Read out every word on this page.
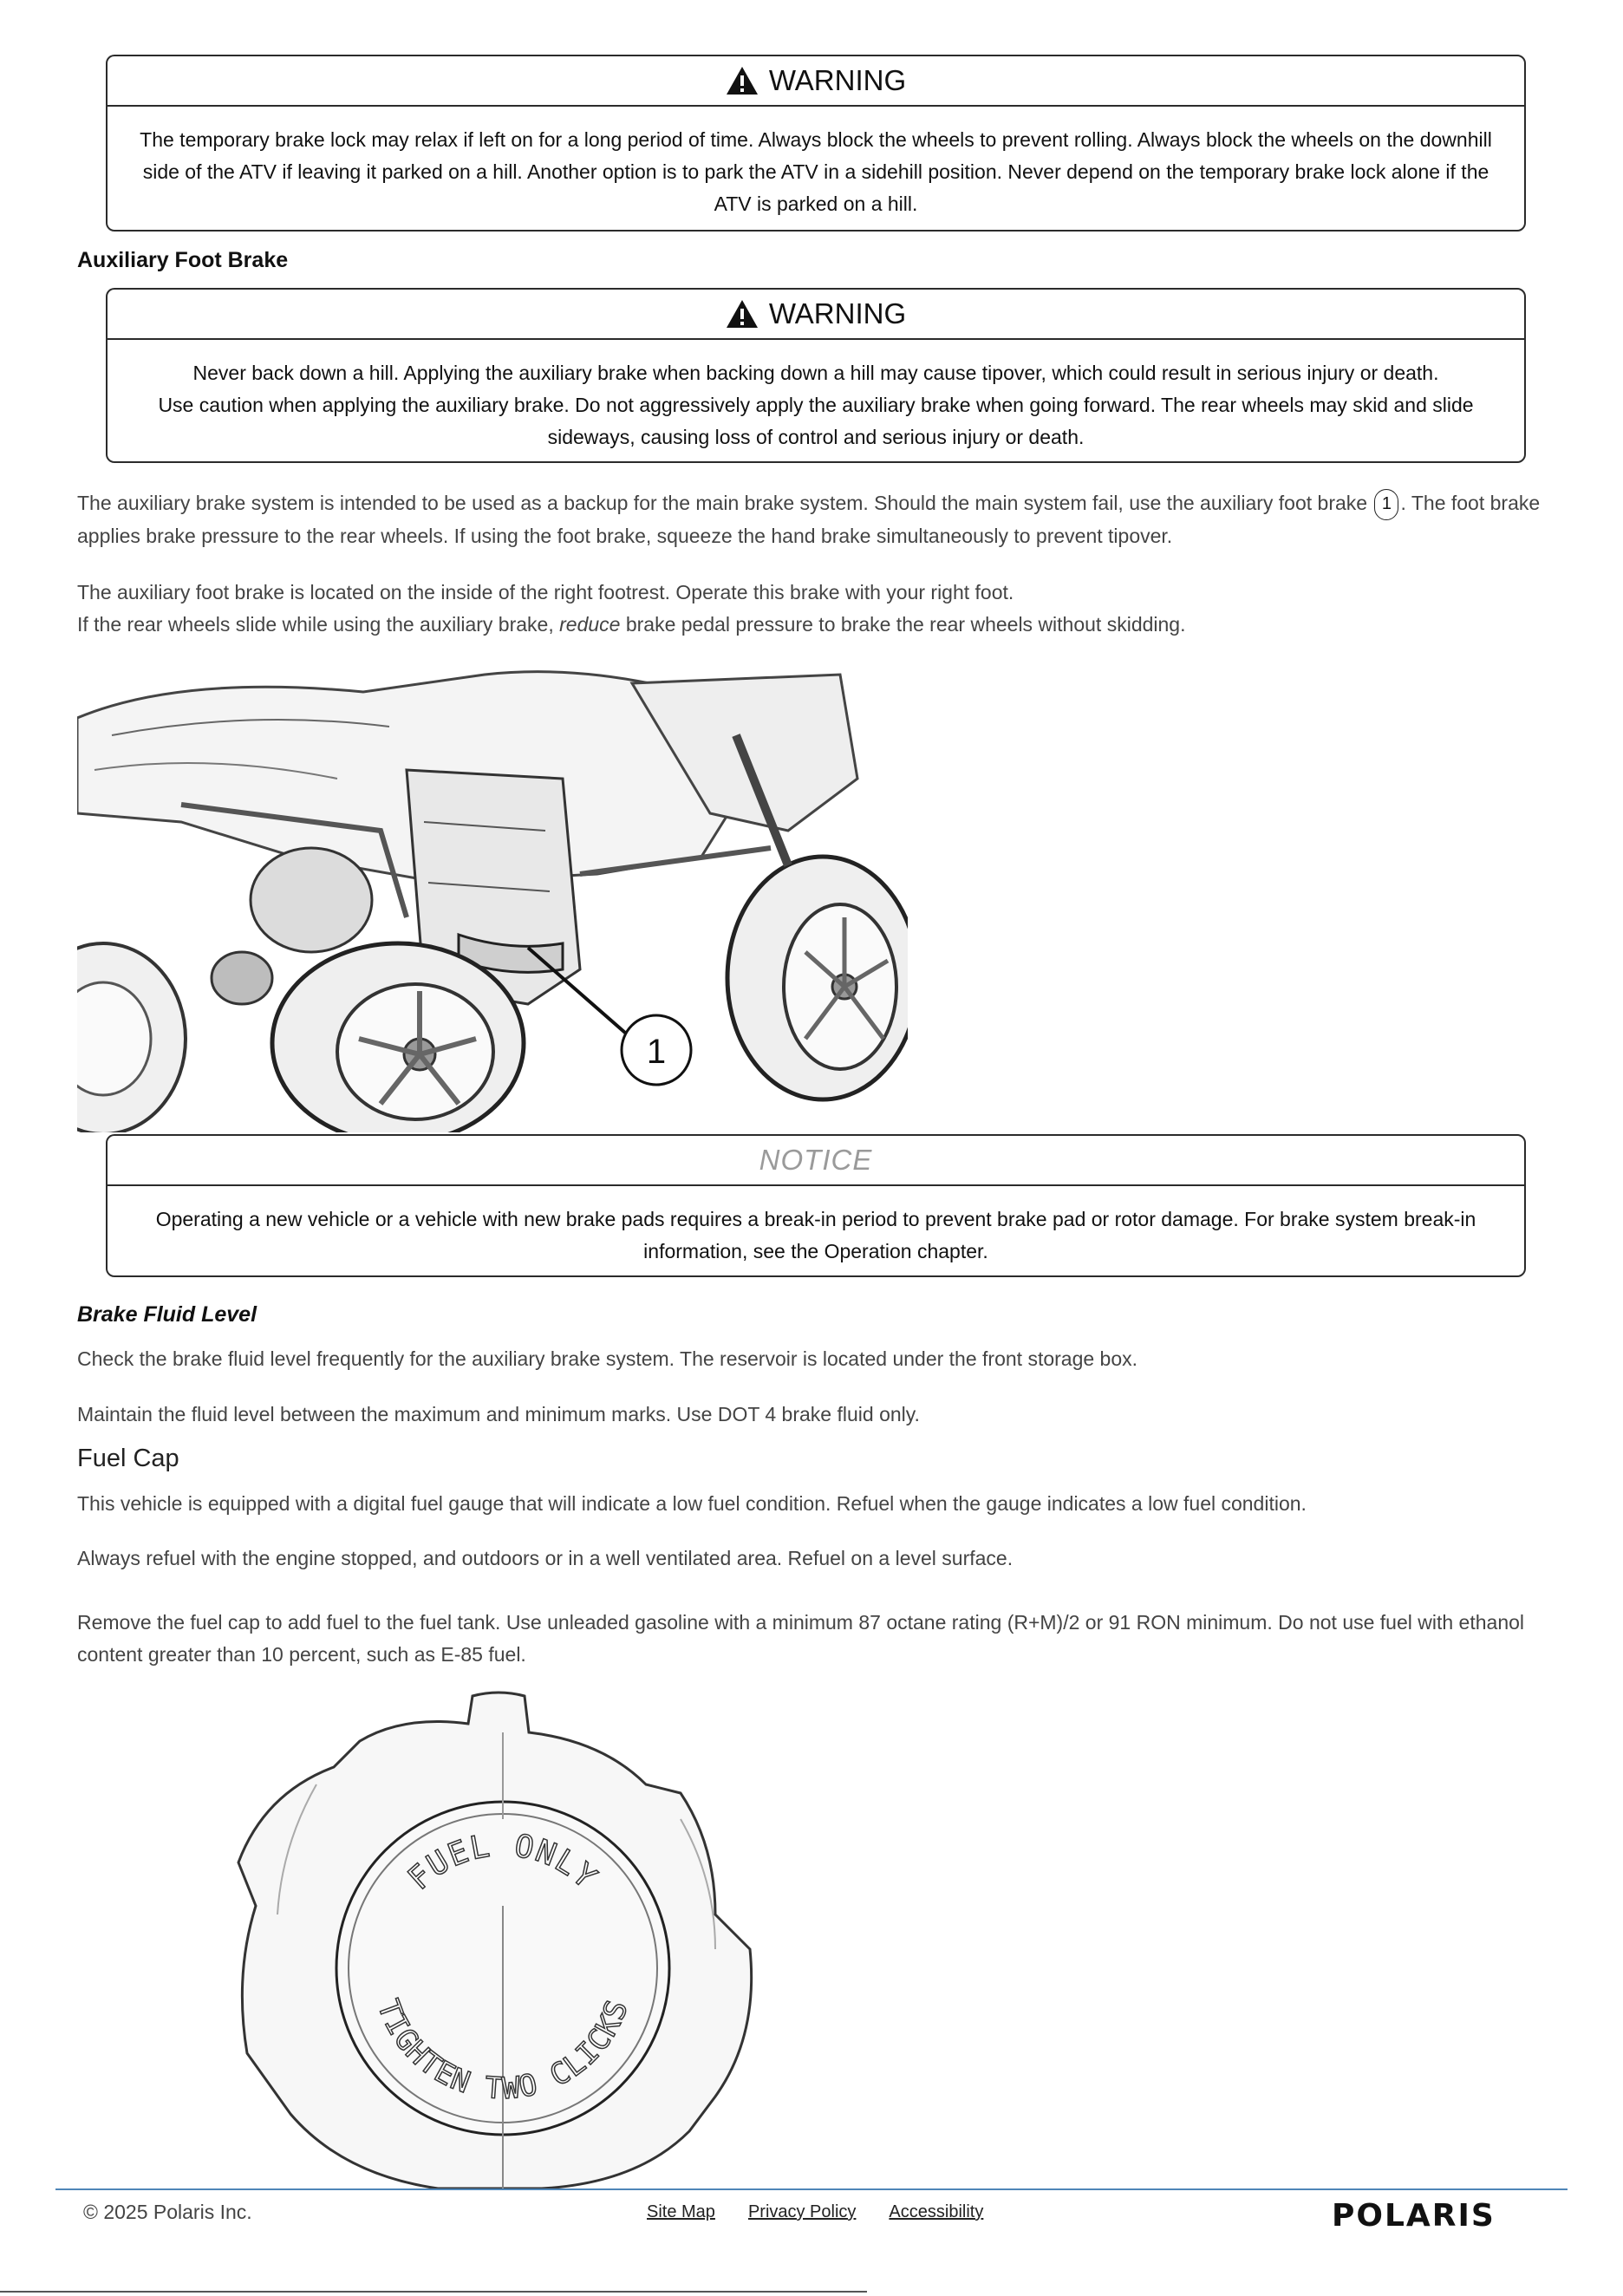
WARNING
The temporary brake lock may relax if left on for a long period of time. Always block the wheels to prevent rolling. Always block the wheels on the downhill side of the ATV if leaving it parked on a hill. Another option is to park the ATV in a sidehill position. Never depend on the temporary brake lock alone if the ATV is parked on a hill.
Auxiliary Foot Brake
WARNING
Never back down a hill. Applying the auxiliary brake when backing down a hill may cause tipover, which could result in serious injury or death.
Use caution when applying the auxiliary brake. Do not aggressively apply the auxiliary brake when going forward. The rear wheels may skid and slide sideways, causing loss of control and serious injury or death.
The auxiliary brake system is intended to be used as a backup for the main brake system. Should the main system fail, use the auxiliary foot brake 1 . The foot brake applies brake pressure to the rear wheels. If using the foot brake, squeeze the hand brake simultaneously to prevent tipover.

The auxiliary foot brake is located on the inside of the right footrest. Operate this brake with your right foot.

If the rear wheels slide while using the auxiliary brake, reduce brake pedal pressure to brake the rear wheels without skidding.

1
NOTICE
Operating a new vehicle or a vehicle with new brake pads requires a break-in period to prevent brake pad or rotor damage. For brake system break-in information, see the Operation chapter.
Brake Fluid Level
Check the brake fluid level frequently for the auxiliary brake system. The reservoir is located under the front storage box.
Maintain the fluid level between the maximum and minimum marks. Use DOT 4 brake fluid only.
Fuel Cap
This vehicle is equipped with a digital fuel gauge that will indicate a low fuel condition. Refuel when the gauge indicates a low fuel condition.
Always refuel with the engine stopped, and outdoors or in a well ventilated area. Refuel on a level surface.
Remove the fuel cap to add fuel to the fuel tank. Use unleaded gasoline with a minimum 87 octane rating (R+M)/2 or 91 RON minimum. Do not use fuel with ethanol content greater than 10 percent, such as E-85 fuel.
FUEL ONLY
TIGHTEN TWO CLICKS
© 2025 Polaris Inc.	Site Map Privacy Policy Accessibility	POLARIS
